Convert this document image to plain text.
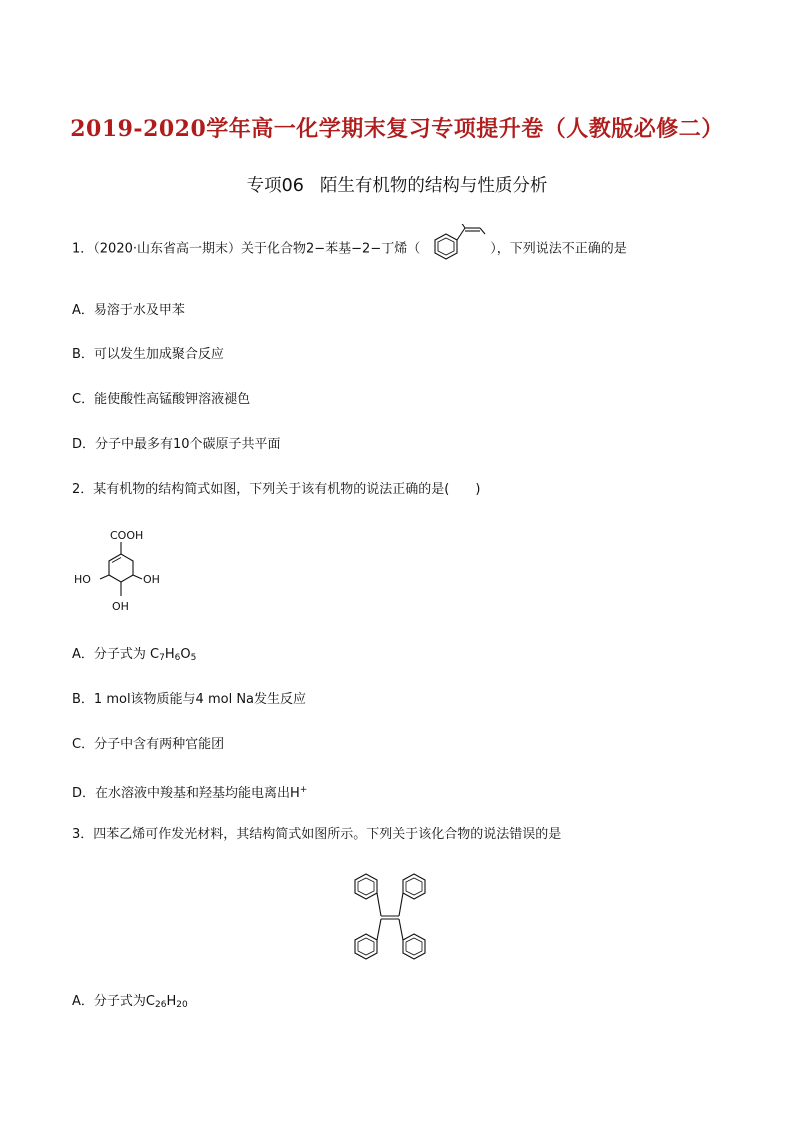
2019-2020学年高一化学期末复习专项提升卷（人教版必修二）
专项06 陌生有机物的结构与性质分析
1．（2020·山东省高一期末）关于化合物2−苯基−2−丁烯（	），下列说法不正确的是
A．易溶于水及甲苯
B．可以发生加成聚合反应
C．能使酸性高锰酸钾溶液褪色
D．分子中最多有10个碳原子共平面
2．某有机物的结构简式如图，下列关于该有机物的说法正确的是(　　)
COOH
HO	OH
OH
A．分子式为 $C_7H_6O_5$
B．1 mol该物质能与4 mol Na发生反应
C．分子中含有两种官能团
D．在水溶液中羧基和羟基均能电离出H+
3．四苯乙烯可作发光材料，其结构简式如图所示。下列关于该化合物的说法错误的是
A．分子式为$C_{26}H_{20}$
